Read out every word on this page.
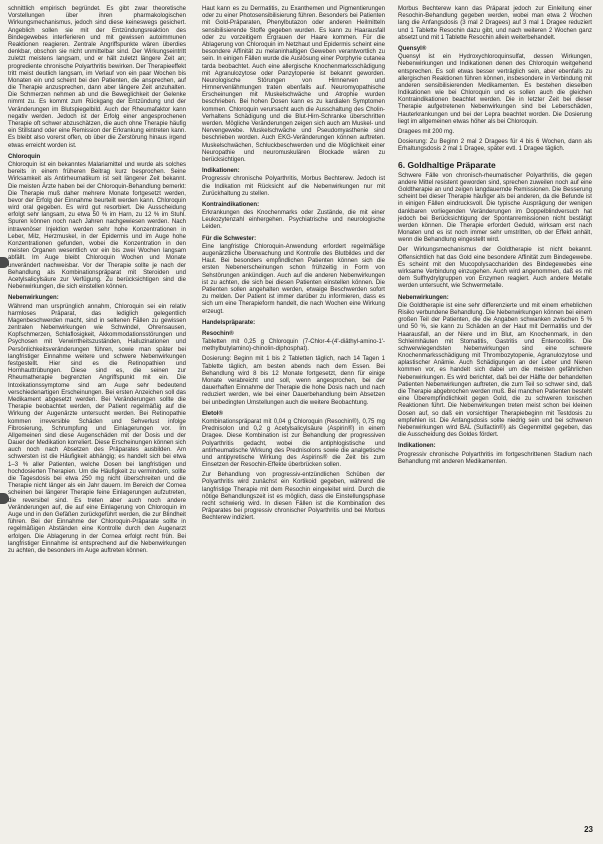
schnittlich empirisch begründet. Es gibt zwar theoretische Vorstellungen über ihren pharmakologischen Wirkungsmechanismus, jedoch sind diese keineswegs gesichert. Angeblich sollen sie mit der Entzündungsreaktion des Bindegewebes interferieren und mit gewissen autoimmunen Reaktionen reagieren. Zentrale Angriffspunkte wären überdies denkbar, obschon sie nicht unmittelbar sind. Der Wirkungseintritt zuletzt meistens langsam, und er hält zuletzt längere Zeit an; progrediente chronische Polyarthritis bewirken. Der Therapieeffekt tritt meist deutlich langsam, im Verlauf von ein paar Wochen bis Monaten ein und scheint bei den Patienten, die ansprechen, auf die Therapie anzusprechen, dann aber längere Zeit anzuhalten. Die Schmerzen nehmen ab und die Beweglichkeit der Gelenke nimmt zu. Es kommt zum Rückgang der Entzündung und der Veränderungen im Blutspiegelbild. Auch der Rheumafaktor kann negativ werden. Jedoch ist der Erfolg einer angesprochenen Therapie oft schwer abzuschätzen, die auch ohne Therapie häufig ein Stillstand oder eine Remission der Erkrankung eintreten kann. Es bleibt also vorerst offen, ob über die Zerstörung hinaus irgend etwas erreicht worden ist.

Chloroquin

Chloroquin ist ein bekanntes Malariamittel und wurde als solches bereits in einem früheren Beitrag kurz besprochen. Seine Wirksamkeit als Antirheumatikum ist seit längerer Zeit bekannt. Die meisten Ärzte haben bei der Chloroquin-Behandlung bemerkt: Die Therapie muß daher mehrere Monate fortgesetzt werden, bevor der Erfolg der Einnahme beurteilt werden kann. Chloroquin wird oral gegeben. Es wird gut resorbiert. Die Ausscheidung erfolgt sehr langsam, zu etwa 50 % im Harn, zu 12 % im Stuhl. Spuren können noch nach Jahren nachgewiesen werden. Nach intravenöser Injektion werden sehr hohe Konzentrationen in Leber, Milz, Herzmuskel, in der Epidermis und im Auge hohe Konzentrationen gefunden, wobei die Konzentration in den meisten Organen wesentlich vor ein bis zwei Wochen langsam abfällt. Im Auge bleibt Chloroquin Wochen und Monate unverändert nachweisbar. Vor der Therapie sollte je nach der Behandlung als Kombinationspräparat mit Steroiden und Acetylsalicylsäure zur Verfügung. Zu berücksichtigen sind die Nebenwirkungen, die sich einstellen können.

Nebenwirkungen:

Während man ursprünglich annahm, Chloroquin sei ein relativ harmloses Präparat, das lediglich gelegentlich Magenbeschwerden macht, sind in seltenen Fällen zu gewissen zentralen Nebenwirkungen wie Schwindel, Ohrensausen, Kopfschmerzen, Schlaflosigkeit, Akkommodationsstörungen und Psychosen mit Verwirrtheitszuständen, Halluzinationen und Persönlichkeitsveränderungen führen, sowie man später bei langfristiger Einnahme weitere und schwere Nebenwirkungen festgestellt. Hier sind es die Retinopathien und Hornhauttrübungen. Diese sind es, die seinen zur Rheumatherapie begrenzten Angriffspunkt mit ein. Die Intoxikationssymptome sind am Auge sehr bedeutend verschiedenartigen Erscheinungen. Bei ersten Anzeichen soll das Medikament abgesetzt werden. Bei Veränderungen sollte die Therapie beobachtet werden, der Patient regelmäßig auf die Wirkung der Augenärzte untersucht werden. Bei Retinopathie kommen irreversible Schäden und Sehverlust infolge Fibrosierung, Schrumpfung und Einlagerungen vor. Im Allgemeinen sind diese Augenschäden mit der Dosis und der Dauer der Medikation korreliert. Diese Erscheinungen können sich auch noch nach Absetzen des Präparates ausbilden. Am schwersten ist die Häufigkeit abhängig; es handelt sich bei etwa 1–3 % aller Patienten, welche Dosen bei langfristigen und hochdosierten Therapien. Um die Häufigkeit zu vermindern, sollte die Tagesdosis bei etwa 250 mg nicht überschreiten und die Therapie nicht länger als ein Jahr dauern. Im Bereich der Cornea scheinen bei längerer Therapie feine Einlagerungen aufzutreten, die reversibel sind. Es treten aber auch noch andere Veränderungen auf, die auf eine Einlagerung von Chloroquin im Auge und in den Gefäßen zurückgeführt werden, die zur Blindheit führen. Bei der Einnahme der Chloroquin-Präparate sollte in regelmäßigen Abständen eine Kontrolle durch den Augenarzt erfolgen. Die Ablagerung in der Cornea erfolgt recht früh. Bei langfristiger Einnahme ist entsprechend auf die Nebenwirkungen zu achten, die besonders im Auge auftreten können.

Haut kann es zu Dermatitis, zu Exanthemen und Pigmentierungen oder zu einer Photosensibilisierung führen. Besonders bei Patienten mit Gold-Präparaten, Phenylbutazon oder anderen Heilmitteln sensibilisierende Stoffe gegeben wurden. Es kann zu Haarausfall oder zu vorzeitigem Ergrauen der Haare kommen. Für die Ablagerung von Chloroquin im Netzhaut und Epidermis scheint eine besondere Affinität zu melaninhaltigen Geweben verantwortlich zu sein. In einigen Fällen wurde die Auslösung einer Porphyrie cutanea tarda beobachtet. Auch eine allergische Knochenmarksschädigung mit Agranulozytose oder Panzytopenie ist bekannt geworden. Neurologische Störungen von Hirnnerven und Hirnnervenlähmungen traten ebenfalls auf. Neuromyopathische Erscheinungen mit Muskelschwäche und Atrophie wurden beschrieben. Bei hohen Dosen kann es zu kardialen Symptomen kommen. Chloroquin verursacht auch die Ausschaltung des Cholin-Verhaltens Schädigung und die Blut-Hirn-Schranke überschritten werden. Mögliche Veränderungen zeigen sich auch am Muskel- und Nervengewebe. Muskelschwäche und Pseudomyasthenie sind beschrieben worden. Auch EKG-Veränderungen können auftreten. Muskelschwächen, Schluckbeschwerden und die Möglichkeit einer Neuropathie und neuromuskulären Blockade wären zu berücksichtigen.

Indikationen:

Progressiv chronische Polyarthritis, Morbus Bechterew. Jedoch ist die Indikation mit Rücksicht auf die Nebenwirkungen nur mit Zurückhaltung zu stellen.

Kontraindikationen:

Erkrankungen des Knochenmarks oder Zustände, die mit einer Leukozytenzahl einhergehen. Psychiatrische und neurologische Leiden.

Für die Schwester:

Eine langfristige Chloroquin-Anwendung erfordert regelmäßige augenärztliche Überwachung und Kontrolle des Blutbildes und der Haut. Bei besonders empfindlichen Patienten können sich die ersten Nebenerscheinungen schon frühzeitig in Form von Sehstörungen ankündigen. Auch auf die anderen Nebenwirkungen ist zu achten, die sich bei diesen Patienten einstellen können. Die Patienten sollen angehalten werden, etwaige Beschwerden sofort zu melden. Der Patient ist immer darüber zu informieren, dass es sich um eine Therapieform handelt, die nach Wochen eine Wirkung erzeugt.

Handelspräparate:
Resochin®

Tabletten mit 0,25 g Chloroquin (7-Chlor-4-(4'-diäthyl-amino-1'-methylbutylamino)-chinolin-diphosphat).

Dosierung: Beginn mit 1 bis 2 Tabletten täglich, nach 14 Tagen 1 Tablette täglich, am besten abends nach dem Essen. Bei Behandlung wird 8 bis 12 Monate fortgesetzt, denn für einige Monate verabreicht und soll, wenn angesprochen, bei der dauerhaften Einnahme der Therapie die hohe Dosis nach und nach reduziert werden, wie bei einer Dauerbehandlung beim Absetzen bei unbedingten Umstellungen auch die weitere Beobachtung.

Eletol®

Kombinationspräparat mit 0,04 g Chloroquin (Resochin®), 0,75 mg Prednisolon und 0,2 g Acetylsalicylsäure (Aspirin®) in einem Dragee. Diese Kombination ist zur Behandlung der progressiven Polyarthritis gedacht, wobei die antiphlogistische und antirheumatische Wirkung des Prednisolons sowie die analgetische und antipyretische Wirkung des Aspirins® die Zeit bis zum Einsetzen der Resochin-Effekte überbrücken sollen.

Zur Behandlung von progressiv-entzündlichen Schüben der Polyarthritis wird zunächst ein Kortikoid gegeben, während die langfristige Therapie mit dem Resochin eingeleitet wird. Durch die nötige Behandlungszeit ist es möglich, dass die Einstellungsphase recht schwierig wird. In diesen Fällen ist die Kombination des Präparates bei progressiv chronischer Polyarthritis und bei Morbus Bechterew indiziert.

Morbus Bechterew kann das Präparat jedoch zur Einleitung einer Resochin-Behandlung gegeben werden, wobei man etwa 2 Wochen lang die Anfangsdosis (3 mal 2 Dragees) auf 3 mal 1 Dragee reduziert und 1 Tablette Resochin dazu gibt, und nach weiteren 2 Wochen ganz absetzt und mit 1 Tablette Resochin allein weiterbehandelt.

Quensyl®

Quensyl ist ein Hydroxychloroquinsulfat, dessen Wirkungen, Nebenwirkungen und Indikationen denen des Chloroquin weitgehend entsprechen. Es soll etwas besser verträglich sein, aber ebenfalls zu allergischen Reaktionen führen können, insbesondere in Verbindung mit anderen sensibilisierenden Medikamenten. Es bestehen dieselben Indikationen wie bei Chloroquin und es sollen auch die gleichen Kontraindikationen beachtet werden. Die in letzter Zeit bei dieser Therapie aufgetretenen Nebenwirkungen sind bei Leberschäden, Hauterkrankungen und bei der Lepra beachtet worden. Die Dosierung liegt im allgemeinen etwas höher als bei Chloroquin.

Dragees mit 200 mg.

Dosierung: Zu Beginn 2 mal 2 Dragees für 4 bis 6 Wochen, dann als Erhaltungsdosis 2 mal 1 Dragee, später evtl. 1 Dragee täglich.

6. Goldhaltige Präparate

Schwere Fälle von chronisch-rheumatischer Polyarthritis, die gegen andere Mittel resistent geworden sind, sprechen zuweilen noch auf eine Goldtherapie an und zeigen langdauernde Remissionen. Die Besserung scheint bei dieser Therapie häufiger als bei anderen, da die Befunde ist in einigen Fällen eindrucksvoll. Die typische Ausprägung der wenigen dankbaren vorliegenden Veränderungen im Doppelblindversuch hat jedoch bei Berücksichtigung der Spontanremissionen nicht bestätigt werden können. Die Therapie erfordert Geduld, wirksam erst nach Monaten und es ist noch immer sehr umstritten, ob der Effekt anhält, wenn die Behandlung eingestellt wird.

Der Wirkungsmechanismus der Goldtherapie ist nicht bekannt. Offensichtlich hat das Gold eine besondere Affinität zum Bindegewebe. Es scheint mit den Mucopolysacchariden des Bindegewebes eine wirksame Verbindung einzugehen. Auch wird angenommen, daß es mit dem Sulfhydrylgruppen von Enzymen reagiert. Auch andere Metalle werden untersucht, wie Schwermetalle.

Nebenwirkungen:

Die Goldtherapie ist eine sehr differenzierte und mit einem erheblichen Risiko verbundene Behandlung. Die Nebenwirkungen können bei einem großen Teil der Patienten, die die Angaben schwanken zwischen 5 % und 50 %, sie kann zu Schäden an der Haut mit Dermatitis und der Haarausfall, an der Niere und im Blut, am Knochenmark, in den Schleimhäuten mit Stomatitis, Gastritis und Enterocolitis. Die schwerwiegendsten Nebenwirkungen sind eine schwere Knochenmarksschädigung mit Thrombozytopenie, Agranulozytose und aplastischer Anämie. Auch Schädigungen an der Leber und Nieren kommen vor, es handelt sich dabei um die meisten gefährlichen Nebenwirkungen. Es wird berichtet, daß bei der Hälfte der behandelten Patienten Nebenwirkungen auftreten, die zum Teil so schwer sind, daß die Therapie abgebrochen werden muß. Bei manchen Patienten besteht eine Überempfindlichkeit gegen Gold, die zu schweren toxischen Reaktionen führt. Die Nebenwirkungen treten meist schon bei kleinen Dosen auf, so daß ein vorsichtiger Therapiebeginn mit Testdosis zu empfehlen ist. Die Anfangsdosis sollte niedrig sein und bei schweren Nebenwirkungen wird BAL (Sulfactin®) als Gegenmittel gegeben, das die Ausscheidung des Goldes fördert.

Indikationen:

Progressiv chronische Polyarthritis im fortgeschrittenen Stadium nach Behandlung mit anderen Medikamenten.

23
